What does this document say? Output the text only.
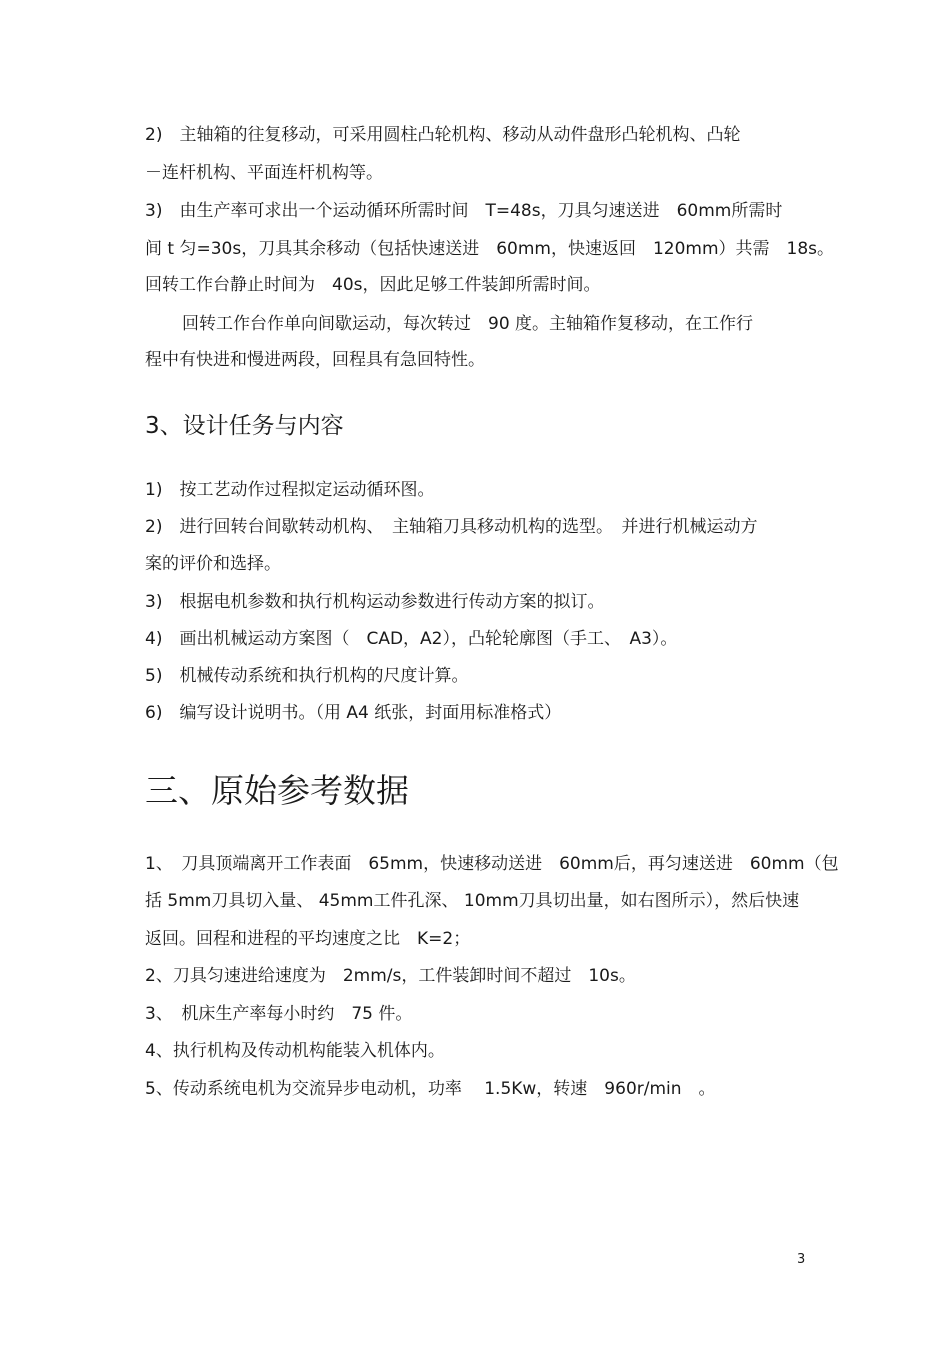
2)　主轴箱的往复移动，可采用圆柱凸轮机构、移动从动件盘形凸轮机构、凸轮
－连杆机构、平面连杆机构等。
3)　由生产率可求出一个运动循环所需时间　T=48s，刀具匀速送进　60mm所需时
间 t 匀=30s，刀具其余移动（包括快速送进　60mm，快速返回　120mm）共需　18s。
回转工作台静止时间为　40s，因此足够工件装卸所需时间。
回转工作台作单向间歇运动，每次转过　90 度。主轴箱作复移动，在工作行
程中有快进和慢进两段，回程具有急回特性。
3、设计任务与内容
1)　按工艺动作过程拟定运动循环图。
2)　进行回转台间歇转动机构、　主轴箱刀具移动机构的选型。　并进行机械运动方
案的评价和选择。
3)　根据电机参数和执行机构运动参数进行传动方案的拟订。
4)　画出机械运动方案图（　CAD，A2），凸轮轮廓图（手工、　A3）。
5)　机械传动系统和执行机构的尺度计算。
6)　编写设计说明书。（用 A4 纸张，封面用标准格式）
三、原始参考数据
1、　刀具顶端离开工作表面　65mm，快速移动送进　60mm后，再匀速送进　60mm（包
括 5mm刀具切入量、 45mm工件孔深、 10mm刀具切出量，如右图所示），然后快速
返回。回程和进程的平均速度之比　K=2；
2、刀具匀速进给速度为　2mm/s，工件装卸时间不超过　10s。
3、　机床生产率每小时约　75 件。
4、执行机构及传动机构能装入机体内。
5、传动系统电机为交流异步电动机，功率　 1.5Kw，转速　960r/min　。
3
